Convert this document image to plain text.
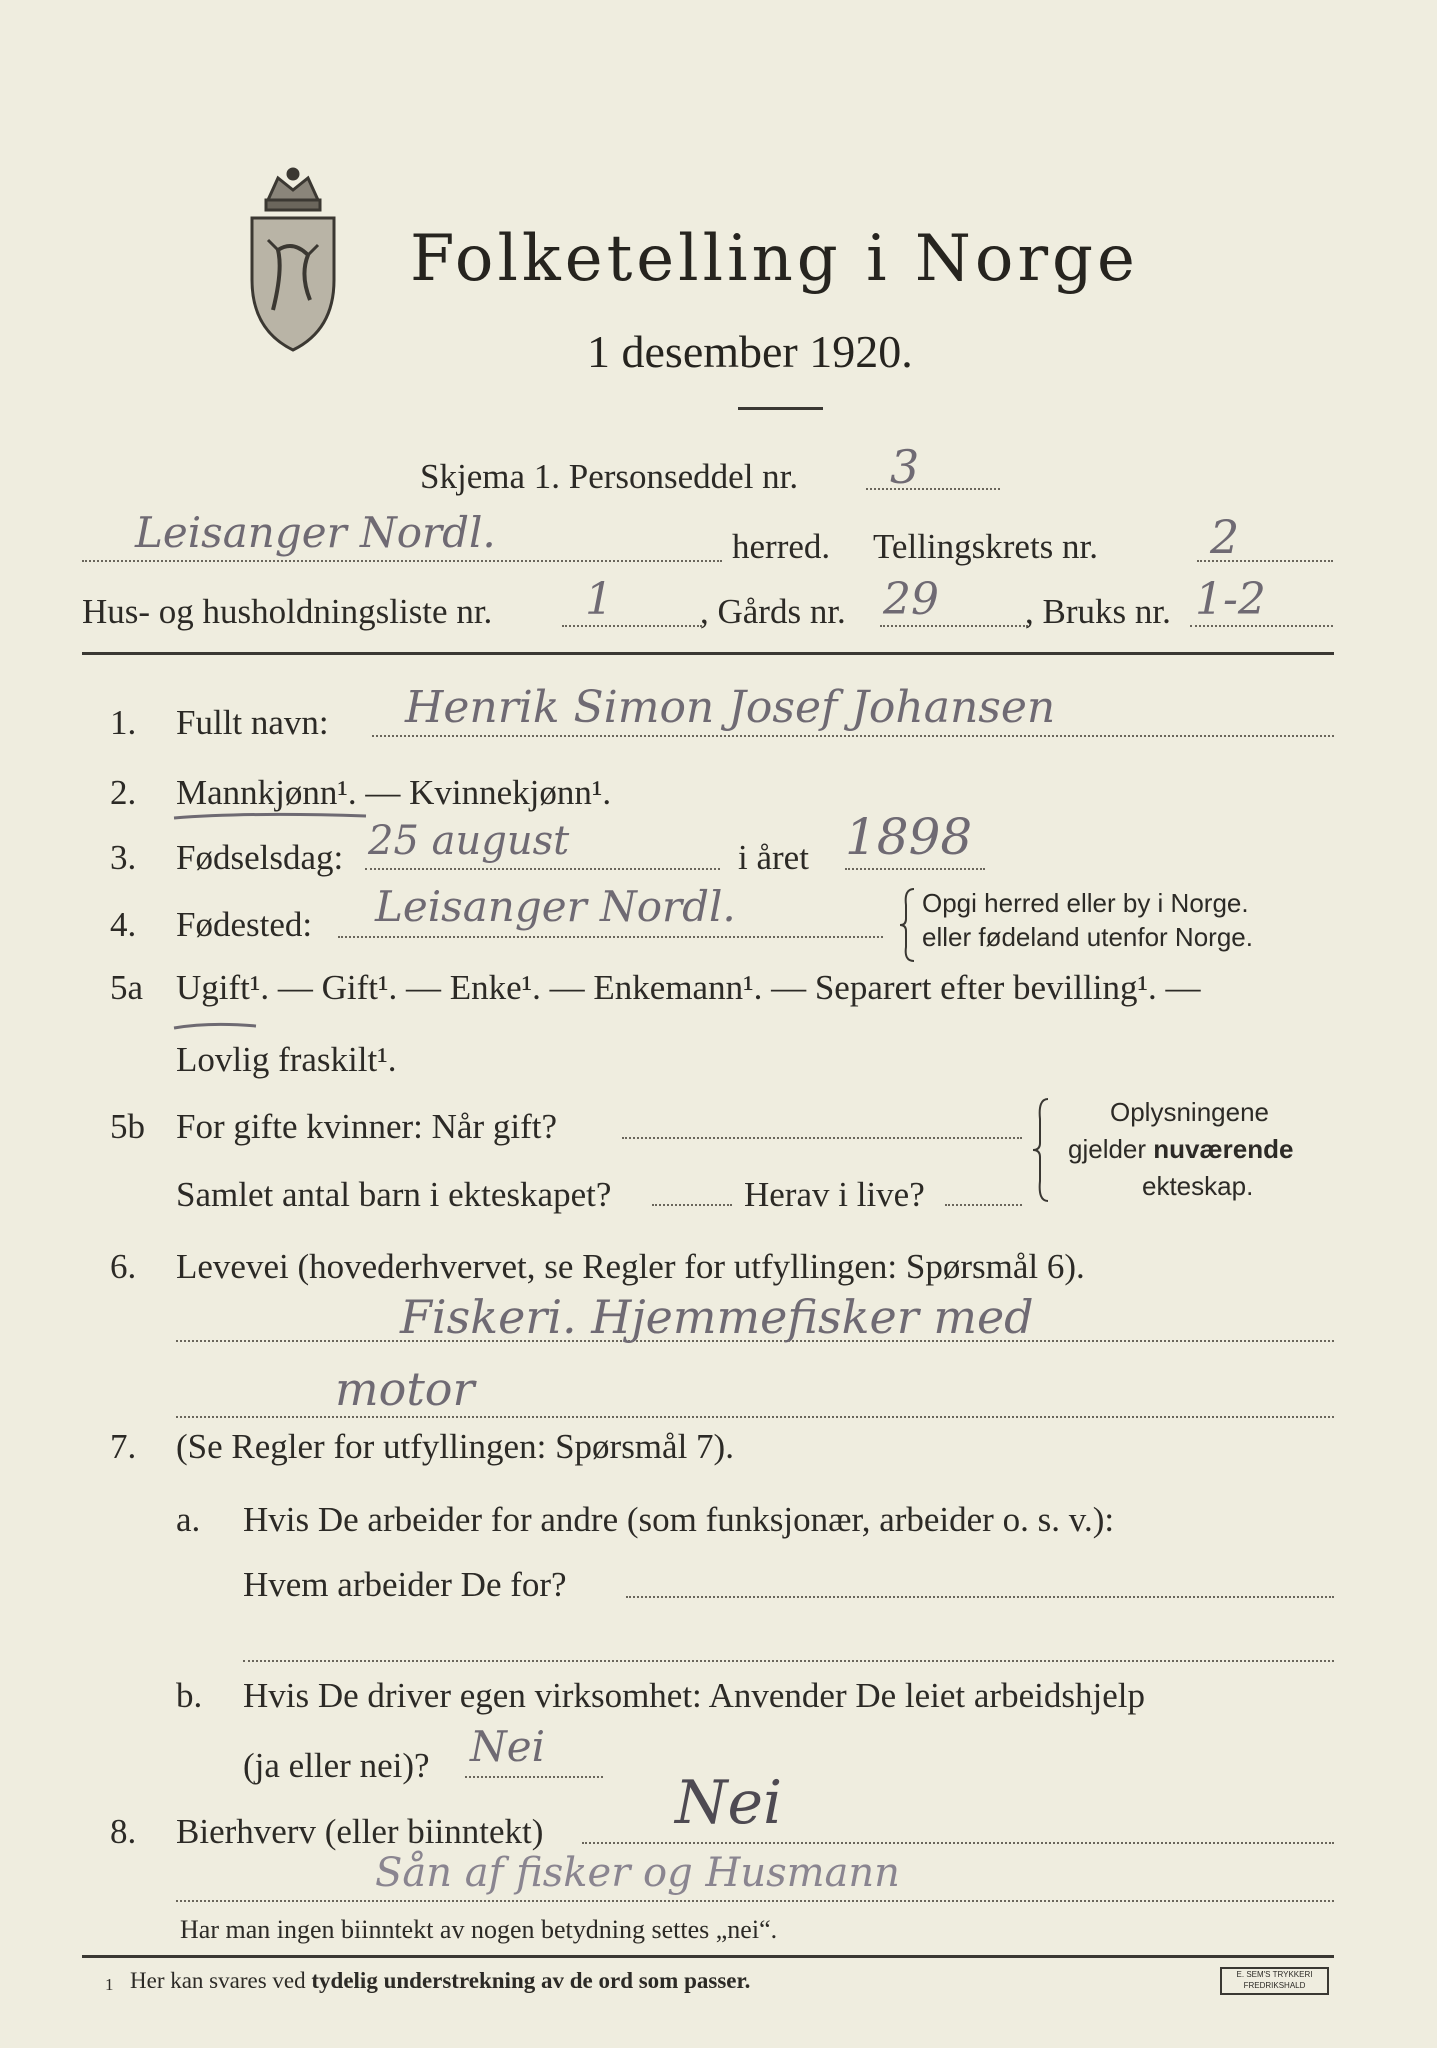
Folketelling i Norge
1 desember 1920.
Skjema 1. Personseddel nr. 3
Leisanger Nordl.	herred. Tellingskrets nr. 2
Hus- og husholdningsliste nr. 1 , Gårds nr. 29 , Bruks nr. 1-2
1. Fullt navn: Henrik Simon Josef Johansen
2. Mannkjønn¹. — Kvinnekjønn¹.
3. Fødselsdag: 25 august	i året 1898
4. Fødested: Leisanger Nordl.	Opgi herred eller by i Norge.
eller fødeland utenfor Norge.
5a Ugift¹. — Gift¹. — Enke¹. — Enkemann¹. — Separert efter bevilling¹. —
Lovlig fraskilt¹.
5b For gifte kvinner: Når gift?
Samlet antal barn i ekteskapet?	Herav i live?
Oplysningene
gjelder nuværende
ekteskap.
6. Levevei (hovederhvervet, se Regler for utfyllingen: Spørsmål 6).
Fiskeri. Hjemmefisker med
motor
7. (Se Regler for utfyllingen: Spørsmål 7).
a. Hvis De arbeider for andre (som funksjonær, arbeider o. s. v.):
Hvem arbeider De for?
b. Hvis De driver egen virksomhet: Anvender De leiet arbeidshjelp
(ja eller nei)? Nei
8. Bierhverv (eller biinntekt) Nei
Sån af fisker og Husmann
Har man ingen biinntekt av nogen betydning settes „nei“.
1 Her kan svares ved tydelig understrekning av de ord som passer.	E. SEM'S TRYKKERI FREDRIKSHALD
